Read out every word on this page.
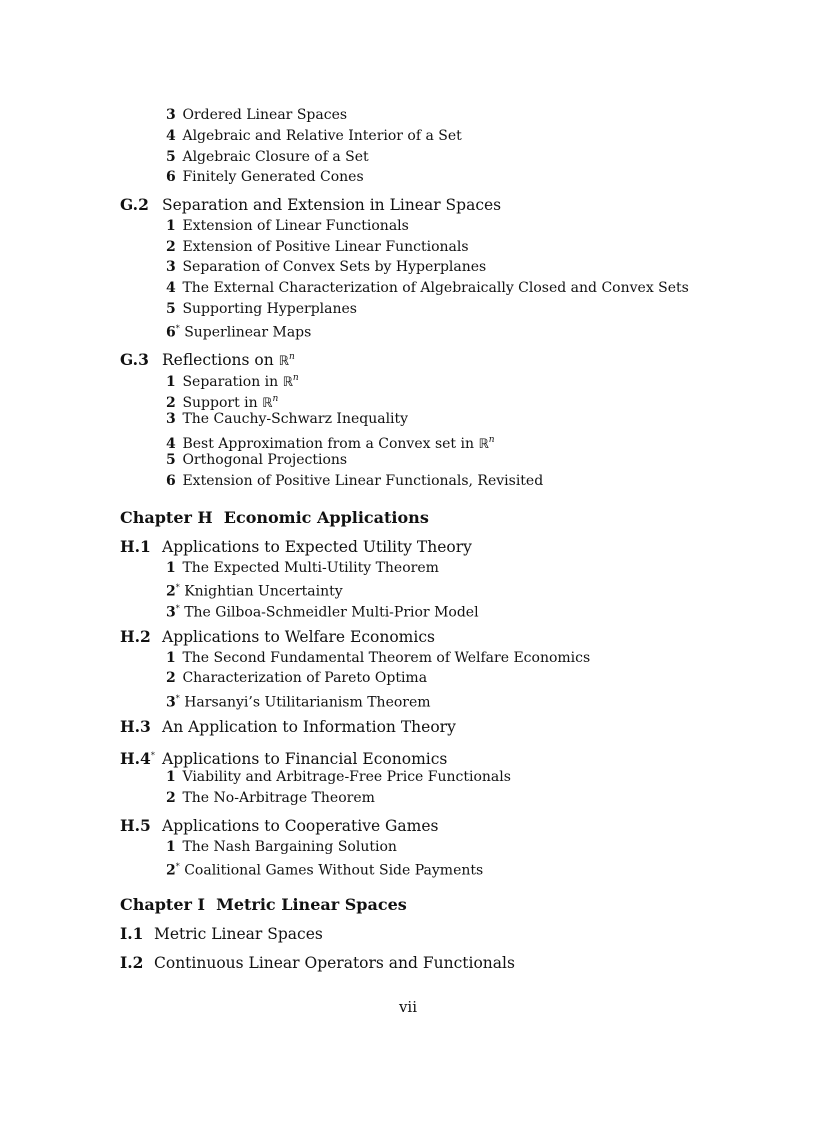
3 Ordered Linear Spaces
4 Algebraic and Relative Interior of a Set
5 Algebraic Closure of a Set
6 Finitely Generated Cones
G.2 Separation and Extension in Linear Spaces
1 Extension of Linear Functionals
2 Extension of Positive Linear Functionals
3 Separation of Convex Sets by Hyperplanes
4 The External Characterization of Algebraically Closed and Convex Sets
5 Supporting Hyperplanes
6* Superlinear Maps
G.3 Reflections on ℝ$^n$
1 Separation in ℝ$^n$
2 Support in ℝ$^n$
3 The Cauchy-Schwarz Inequality
4 Best Approximation from a Convex set in ℝ$^n$
5 Orthogonal Projections
6 Extension of Positive Linear Functionals, Revisited
Chapter H Economic Applications
H.1 Applications to Expected Utility Theory
1 The Expected Multi-Utility Theorem
2* Knightian Uncertainty
3* The Gilboa-Schmeidler Multi-Prior Model
H.2 Applications to Welfare Economics
1 The Second Fundamental Theorem of Welfare Economics
2 Characterization of Pareto Optima
3* Harsanyi’s Utilitarianism Theorem
H.3 An Application to Information Theory
H.4* Applications to Financial Economics
1 Viability and Arbitrage-Free Price Functionals
2 The No-Arbitrage Theorem
H.5 Applications to Cooperative Games
1 The Nash Bargaining Solution
2* Coalitional Games Without Side Payments
Chapter I Metric Linear Spaces
I.1 Metric Linear Spaces
I.2 Continuous Linear Operators and Functionals
vii
